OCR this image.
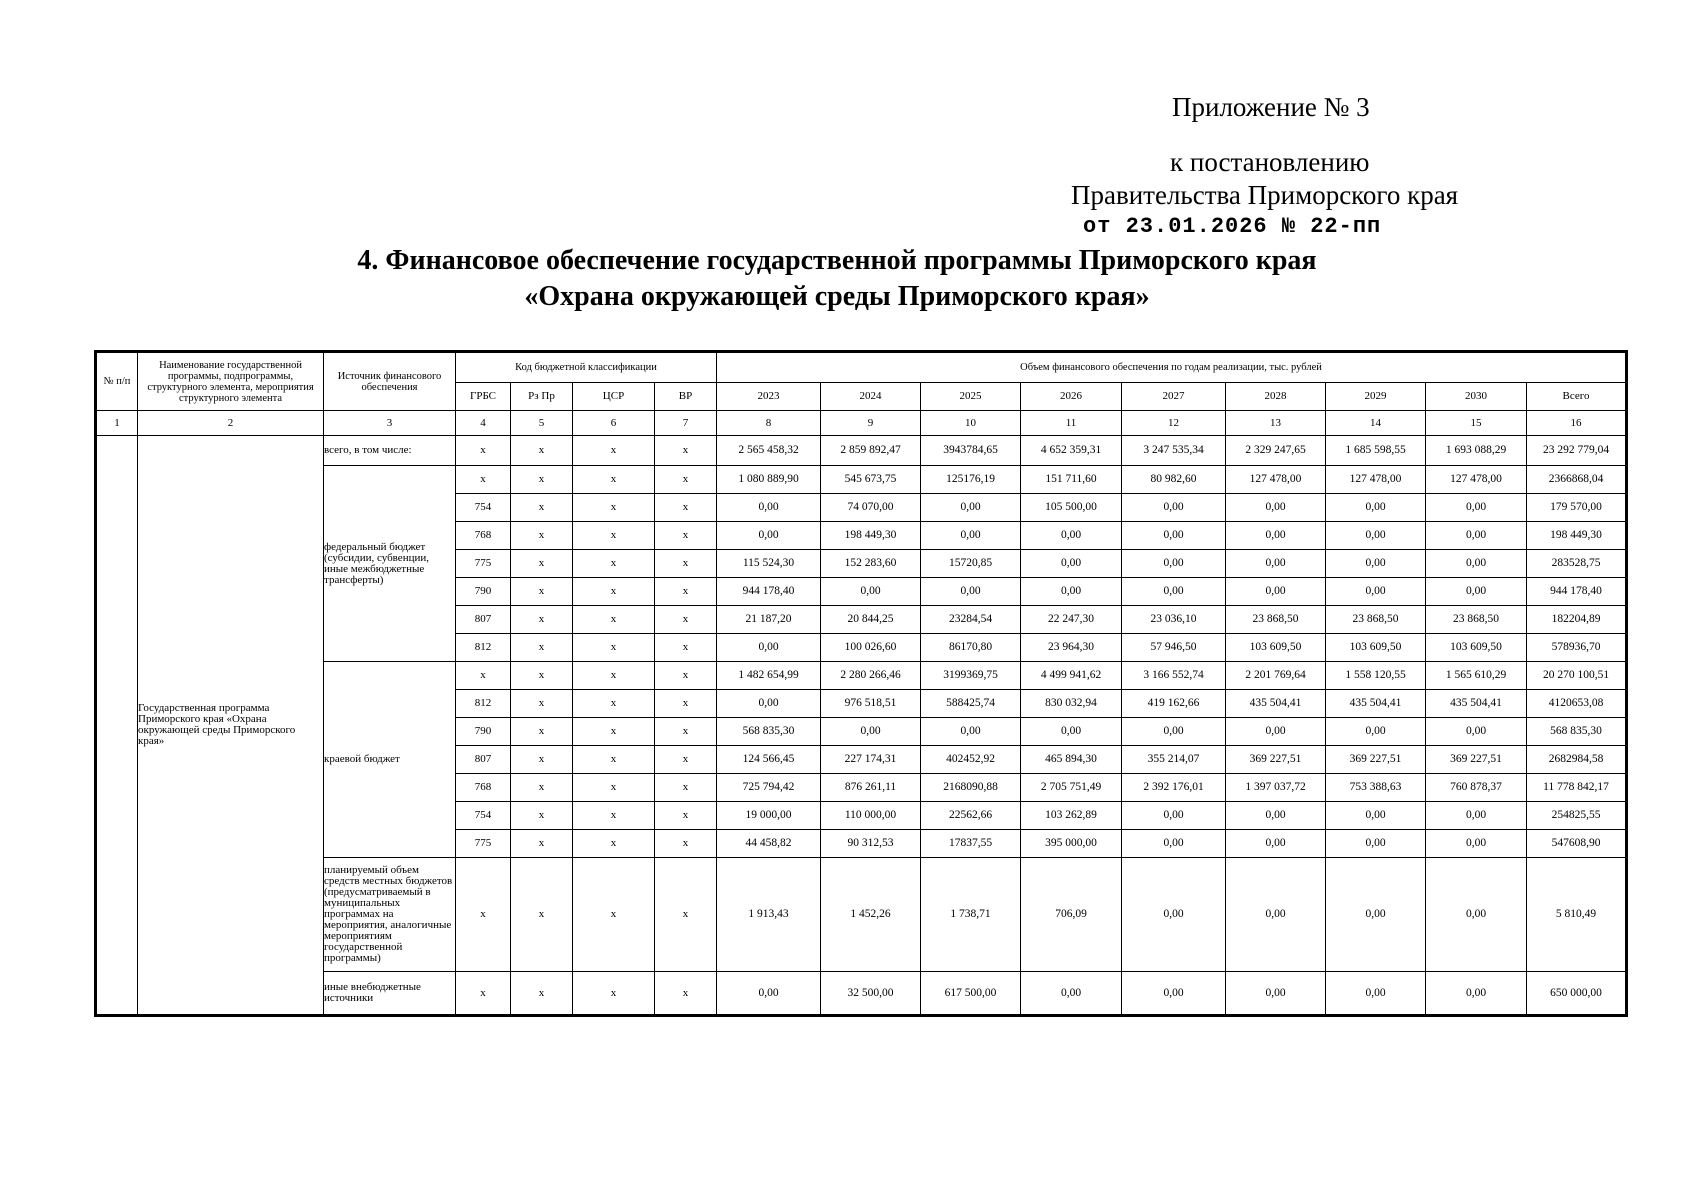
Приложение № 3
к постановлению
Правительства Приморского края
от 23.01.2026 № 22-пп
4. Финансовое обеспечение государственной программы Приморского края
«Охрана окружающей среды Приморского края»
№ п/п	Наименование государственной программы, подпрограммы, структурного элемента, мероприятия структурного элемента	Источник финансового обеспечения	Код бюджетной классификации				Объем финансового обеспечения по годам реализации, тыс. рублей								
			ГРБС	Рз Пр	ЦСР	ВР	2023	2024	2025	2026	2027	2028	2029	2030	Всего
1	2	3	4	5	6	7	8	9	10	11	12	13	14	15	16
	Государственная программа Приморского края «Охрана окружающей среды Приморского края»	всего, в том числе:	x	x	x	x	2 565 458,32	2 859 892,47	3943784,65	4 652 359,31	3 247 535,34	2 329 247,65	1 685 598,55	1 693 088,29	23 292 779,04
		федеральный бюджет (субсидии, субвенции, иные межбюджетные трансферты)	x	x	x	x	1 080 889,90	545 673,75	125176,19	151 711,60	80 982,60	127 478,00	127 478,00	127 478,00	2366868,04
			754	x	x	x	0,00	74 070,00	0,00	105 500,00	0,00	0,00	0,00	0,00	179 570,00
			768	x	x	x	0,00	198 449,30	0,00	0,00	0,00	0,00	0,00	0,00	198 449,30
			775	x	x	x	115 524,30	152 283,60	15720,85	0,00	0,00	0,00	0,00	0,00	283528,75
			790	x	x	x	944 178,40	0,00	0,00	0,00	0,00	0,00	0,00	0,00	944 178,40
			807	x	x	x	21 187,20	20 844,25	23284,54	22 247,30	23 036,10	23 868,50	23 868,50	23 868,50	182204,89
			812	x	x	x	0,00	100 026,60	86170,80	23 964,30	57 946,50	103 609,50	103 609,50	103 609,50	578936,70
		краевой бюджет	x	x	x	x	1 482 654,99	2 280 266,46	3199369,75	4 499 941,62	3 166 552,74	2 201 769,64	1 558 120,55	1 565 610,29	20 270 100,51
			812	x	x	x	0,00	976 518,51	588425,74	830 032,94	419 162,66	435 504,41	435 504,41	435 504,41	4120653,08
			790	x	x	x	568 835,30	0,00	0,00	0,00	0,00	0,00	0,00	0,00	568 835,30
			807	x	x	x	124 566,45	227 174,31	402452,92	465 894,30	355 214,07	369 227,51	369 227,51	369 227,51	2682984,58
			768	x	x	x	725 794,42	876 261,11	2168090,88	2 705 751,49	2 392 176,01	1 397 037,72	753 388,63	760 878,37	11 778 842,17
			754	x	x	x	19 000,00	110 000,00	22562,66	103 262,89	0,00	0,00	0,00	0,00	254825,55
			775	x	x	x	44 458,82	90 312,53	17837,55	395 000,00	0,00	0,00	0,00	0,00	547608,90
		планируемый объем средств местных бюджетов (предусматриваемый в муниципальных программах на мероприятия, аналогичные мероприятиям государственной программы)	x	x	x	x	1 913,43	1 452,26	1 738,71	706,09	0,00	0,00	0,00	0,00	5 810,49
		иные внебюджетные источники	x	x	x	x	0,00	32 500,00	617 500,00	0,00	0,00	0,00	0,00	0,00	650 000,00
